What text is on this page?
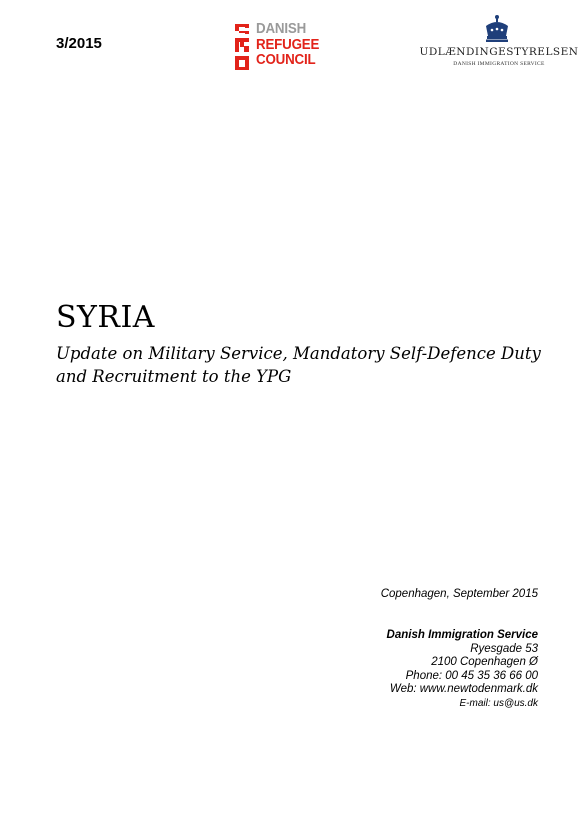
3/2015
DANISH
REFUGEE
COUNCIL	UDLÆNDINGESTYRELSEN
DANISH IMMIGRATION SERVICE
SYRIA
Update on Military Service, Mandatory Self-Defence Duty
and Recruitment to the YPG
Copenhagen, September 2015
Danish Immigration Service
Ryesgade 53
2100 Copenhagen Ø
Phone: 00 45 35 36 66 00
Web: www.newtodenmark.dk
E-mail: us@us.dk
